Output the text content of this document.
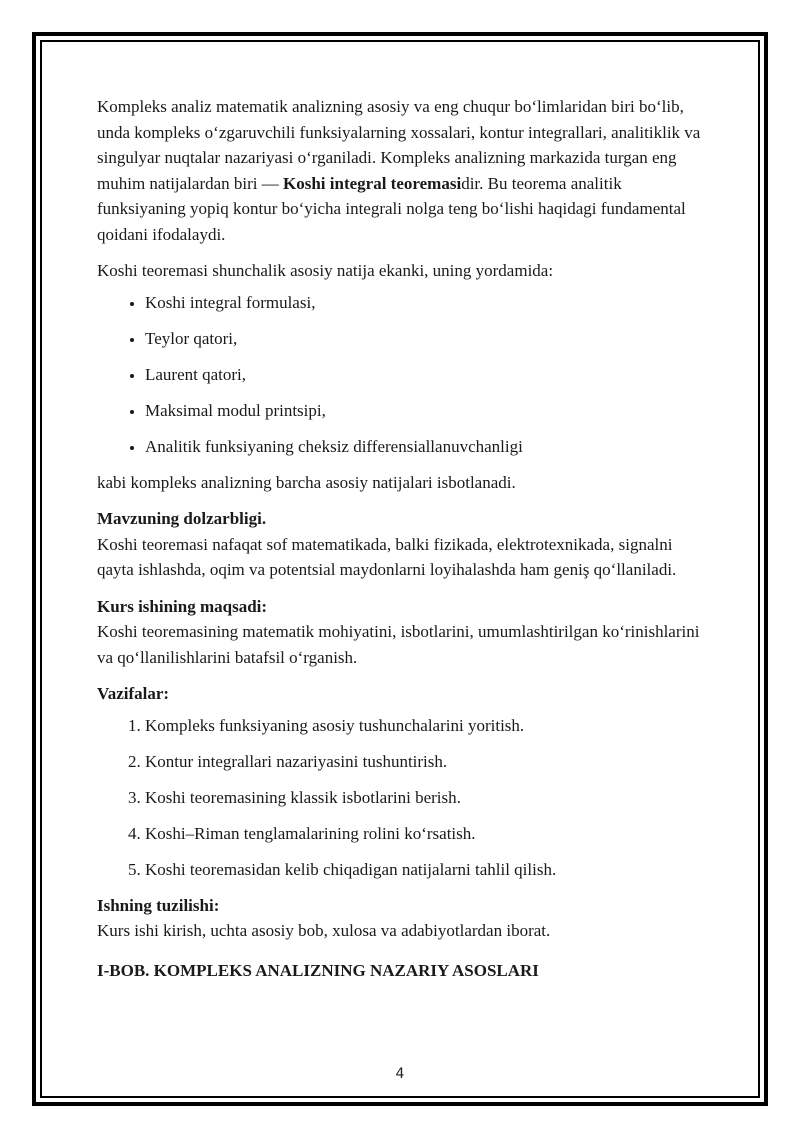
Kompleks analiz matematik analizning asosiy va eng chuqur bo‘limlaridan biri bo‘lib, unda kompleks o‘zgaruvchili funksiyalarning xossalari, kontur integrallari, analitiklik va singulyar nuqtalar nazariyasi o‘rganiladi. Kompleks analizning markazida turgan eng muhim natijalardan biri — Koshi integral teoremasidir. Bu teorema analitik funksiyaning yopiq kontur bo‘yicha integrali nolga teng bo‘lishi haqidagi fundamental qoidani ifodalaydi.

Koshi teoremasi shunchalik asosiy natija ekanki, uning yordamida:

• Koshi integral formulasi,
• Teylor qatori,
• Laurent qatori,
• Maksimal modul printsipi,
• Analitik funksiyaning cheksiz differensiallanuvchanligi

kabi kompleks analizning barcha asosiy natijalari isbotlanadi.

Mavzuning dolzarbligi.
Koshi teoremasi nafaqat sof matematikada, balki fizikada, elektrotexnikada, signalni qayta ishlashda, oqim va potentsial maydonlarni loyihalashda ham geniş qo‘llaniladi.

Kurs ishining maqsadi:
Koshi teoremasining matematik mohiyatini, isbotlarini, umumlashtirilgan ko‘rinishlarini va qo‘llanilishlarini batafsil o‘rganish.

Vazifalar:

1. Kompleks funksiyaning asosiy tushunchalarini yoritish.
2. Kontur integrallari nazariyasini tushuntirish.
3. Koshi teoremasining klassik isbotlarini berish.
4. Koshi–Riman tenglamalarining rolini ko‘rsatish.
5. Koshi teoremasidan kelib chiqadigan natijalarni tahlil qilish.

Ishning tuzilishi:
Kurs ishi kirish, uchta asosiy bob, xulosa va adabiyotlardan iborat.

I-BOB. KOMPLEKS ANALIZNING NAZARIY ASOSLARI

4
